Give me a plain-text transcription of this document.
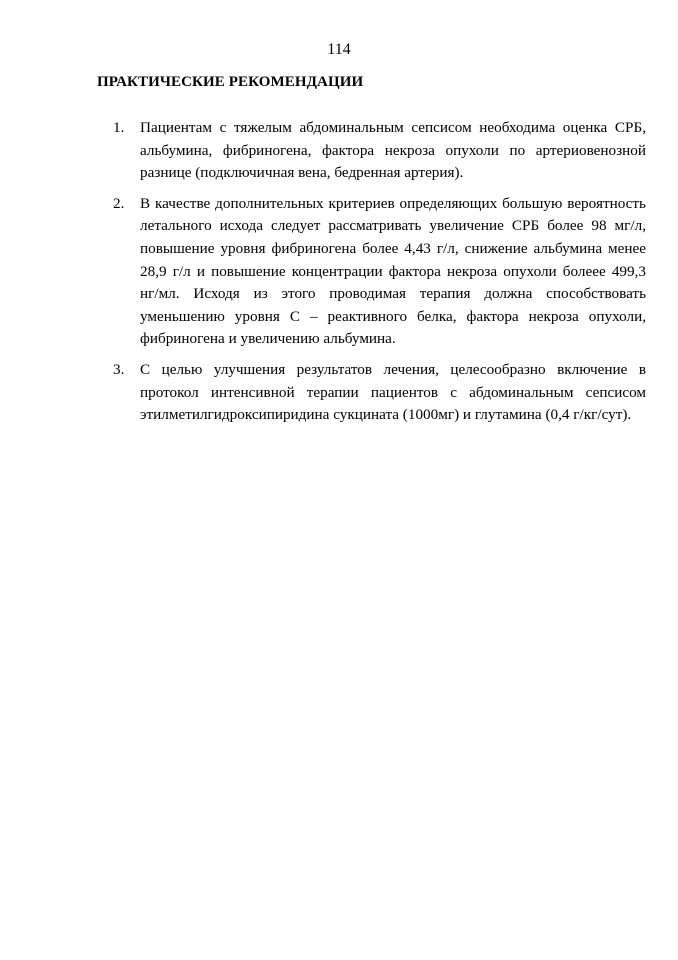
114
ПРАКТИЧЕСКИЕ РЕКОМЕНДАЦИИ
1. Пациентам с тяжелым абдоминальным сепсисом необходима оценка СРБ, альбумина, фибриногена, фактора некроза опухоли по артериовенозной разнице (подключичная вена, бедренная артерия).
2. В качестве дополнительных критериев определяющих большую вероятность летального исхода следует рассматривать увеличение СРБ более 98 мг/л, повышение уровня фибриногена более 4,43 г/л, снижение альбумина менее 28,9 г/л и повышение концентрации фактора некроза опухоли болеее 499,3 нг/мл. Исходя из этого проводимая терапия должна способствовать уменьшению уровня С – реактивного белка, фактора некроза опухоли, фибриногена и увеличению альбумина.
3. С целью улучшения результатов лечения, целесообразно включение в протокол интенсивной терапии пациентов с абдоминальным сепсисом этилметилгидроксипиридина сукцината (1000мг) и глутамина (0,4 г/кг/сут).
